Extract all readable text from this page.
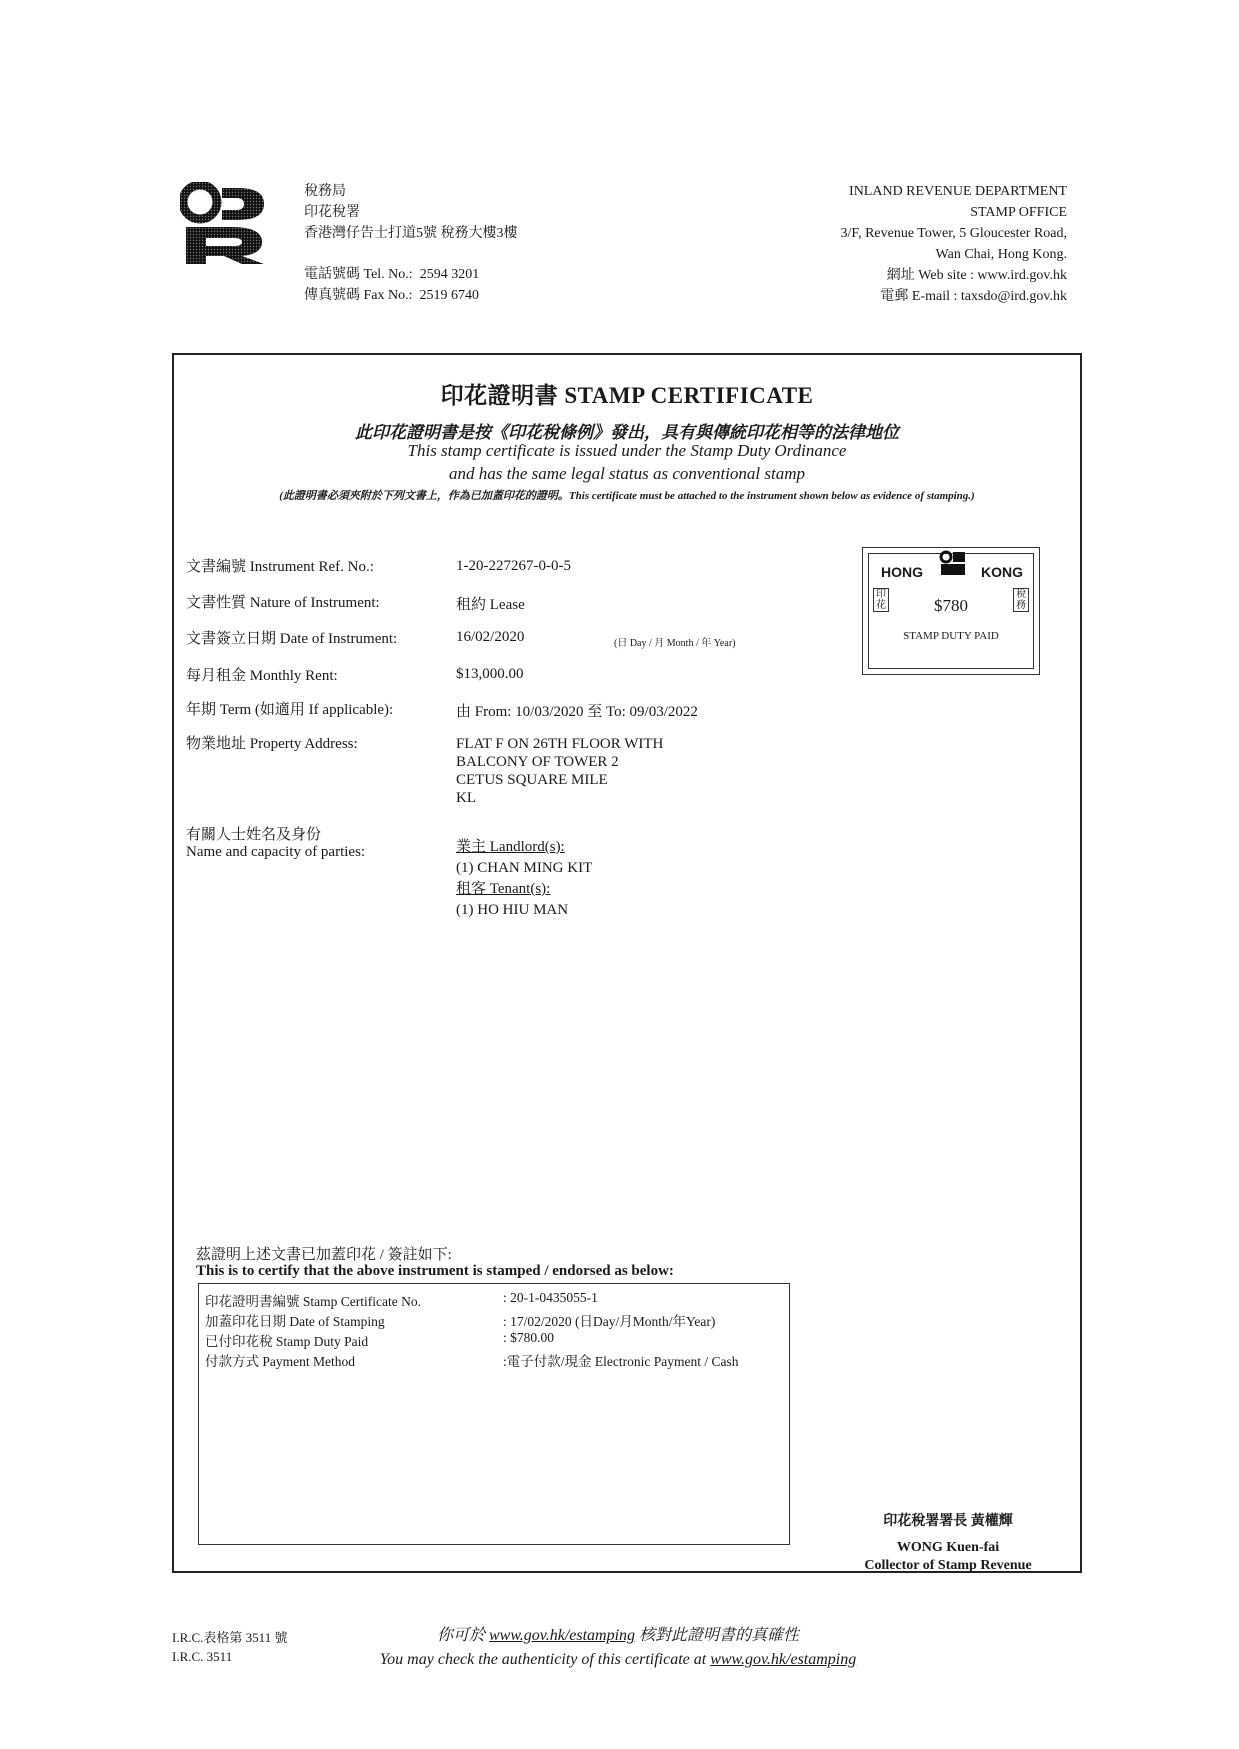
稅務局
印花稅署
香港灣仔告士打道5號 稅務大樓3樓
電話號碼 Tel. No.: 2594 3201
傳真號碼 Fax No.: 2519 6740
INLAND REVENUE DEPARTMENT
STAMP OFFICE
3/F, Revenue Tower, 5 Gloucester Road,
Wan Chai, Hong Kong.
網址 Web site : www.ird.gov.hk
電郵 E-mail : taxsdo@ird.gov.hk
印花證明書 STAMP CERTIFICATE
此印花證明書是按《印花稅條例》發出，具有與傳統印花相等的法律地位
This stamp certificate is issued under the Stamp Duty Ordinance
and has the same legal status as conventional stamp
(此證明書必須夾附於下列文書上，作為已加蓋印花的證明。This certificate must be attached to the instrument shown below as evidence of stamping.)
文書編號 Instrument Ref. No.:	1-20-227267-0-0-5
文書性質 Nature of Instrument:	租約 Lease
文書簽立日期 Date of Instrument:	16/02/2020	(日 Day / 月 Month / 年 Year)
每月租金 Monthly Rent:	$13,000.00
年期 Term (如適用 If applicable):	由 From: 10/03/2020 至 To: 09/03/2022
物業地址 Property Address:	FLAT F ON 26TH FLOOR WITH
BALCONY OF TOWER 2
CETUS SQUARE MILE
KL
有關人士姓名及身份
Name and capacity of parties:	業主 Landlord(s):
(1) CHAN MING KIT
租客 Tenant(s):
(1) HO HIU MAN
HONG	KONG
$780
STAMP DUTY PAID
印花
稅務
茲證明上述文書已加蓋印花 / 簽註如下:
This is to certify that the above instrument is stamped / endorsed as below:
印花證明書編號 Stamp Certificate No.	: 20-1-0435055-1
加蓋印花日期 Date of Stamping	: 17/02/2020 (日Day/月Month/年Year)
已付印花稅 Stamp Duty Paid	: $780.00
付款方式 Payment Method	:電子付款/現金 Electronic Payment / Cash
印花稅署署長 黃權輝
WONG Kuen-fai
Collector of Stamp Revenue
I.R.C.表格第 3511 號
I.R.C. 3511
你可於 www.gov.hk/estamping 核對此證明書的真確性
You may check the authenticity of this certificate at www.gov.hk/estamping
